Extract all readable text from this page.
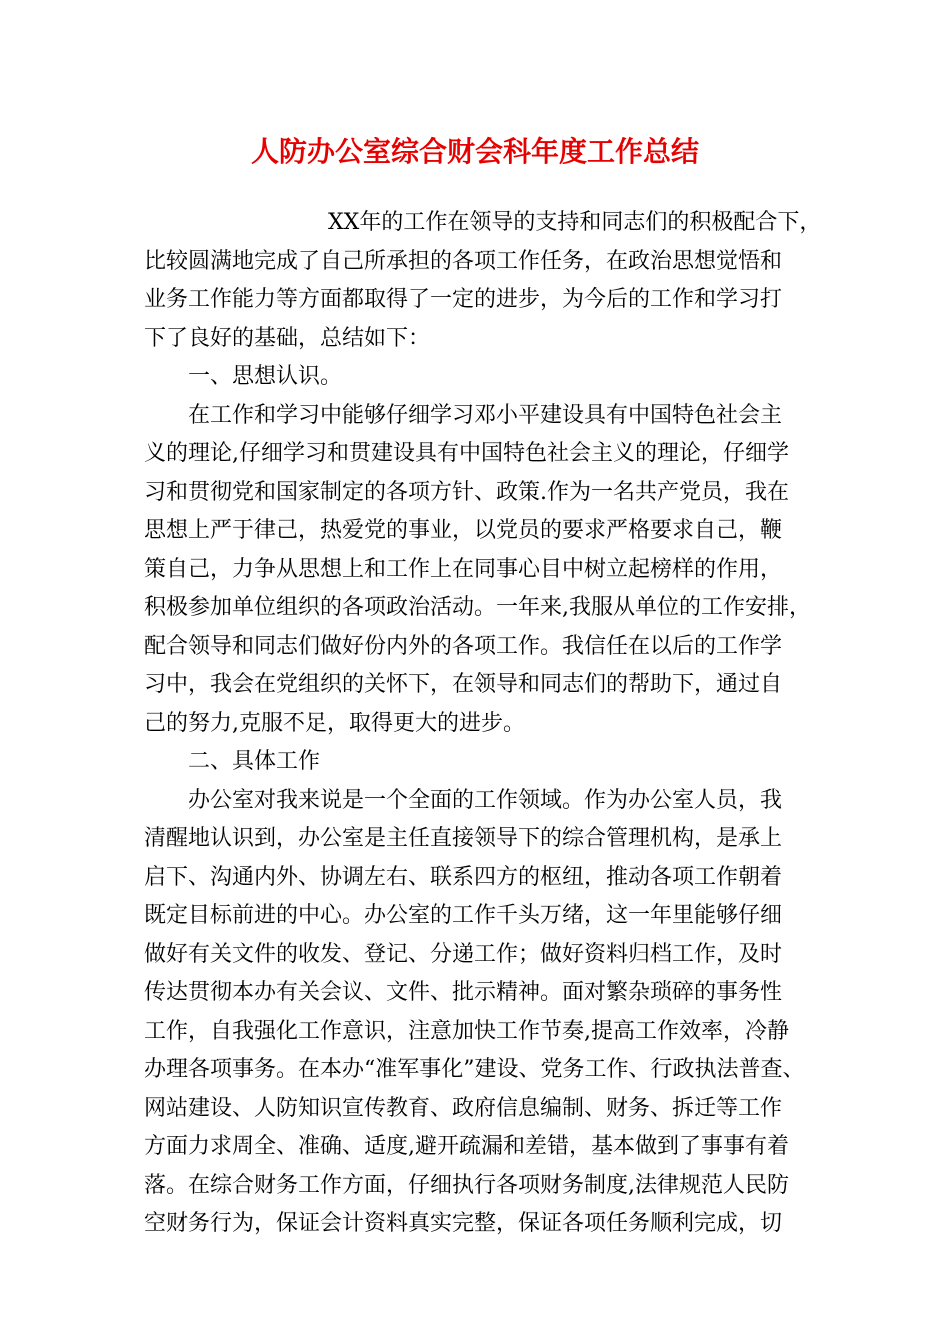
人防办公室综合财会科年度工作总结
XX年的工作在领导的支持和同志们的积极配合下，
比较圆满地完成了自己所承担的各项工作任务，在政治思想觉悟和
业务工作能力等方面都取得了一定的进步，为今后的工作和学习打
下了良好的基础，总结如下：
一、思想认识。
在工作和学习中能够仔细学习邓小平建设具有中国特色社会主
义的理论,仔细学习和贯建设具有中国特色社会主义的理论，仔细学
习和贯彻党和国家制定的各项方针、政策.作为一名共产党员，我在
思想上严于律己，热爱党的事业，以党员的要求严格要求自己，鞭
策自己，力争从思想上和工作上在同事心目中树立起榜样的作用，
积极参加单位组织的各项政治活动。一年来,我服从单位的工作安排，
配合领导和同志们做好份内外的各项工作。我信任在以后的工作学
习中，我会在党组织的关怀下，在领导和同志们的帮助下，通过自
己的努力,克服不足，取得更大的进步。
二、具体工作
办公室对我来说是一个全面的工作领域。作为办公室人员，我
清醒地认识到，办公室是主任直接领导下的综合管理机构，是承上
启下、沟通内外、协调左右、联系四方的枢纽，推动各项工作朝着
既定目标前进的中心。办公室的工作千头万绪，这一年里能够仔细
做好有关文件的收发、登记、分递工作；做好资料归档工作，及时
传达贯彻本办有关会议、文件、批示精神。面对繁杂琐碎的事务性
工作，自我强化工作意识，注意加快工作节奏,提高工作效率，冷静
办理各项事务。在本办“准军事化”建设、党务工作、行政执法普查、
网站建设、人防知识宣传教育、政府信息编制、财务、拆迁等工作
方面力求周全、准确、适度,避开疏漏和差错，基本做到了事事有着
落。在综合财务工作方面，仔细执行各项财务制度,法律规范人民防
空财务行为，保证会计资料真实完整，保证各项任务顺利完成，切
